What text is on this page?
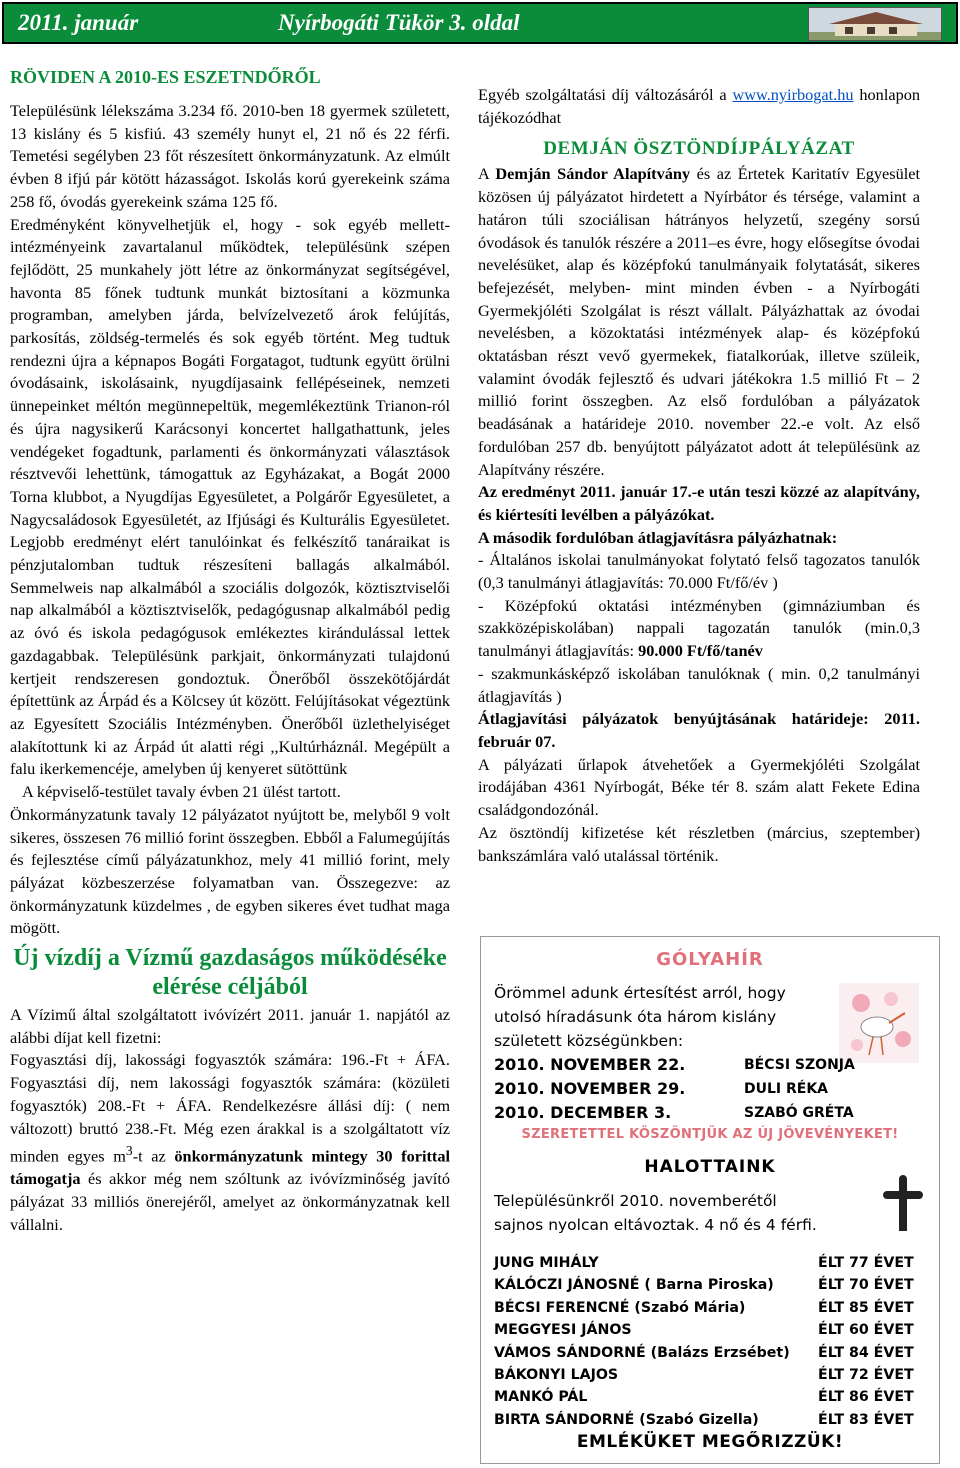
2011. január	Nyírbogáti Tükör 3. oldal
RÖVIDEN A 2010-ES ESZETNDŐRŐL

Településünk lélekszáma 3.234 fő. 2010-ben 18 gyermek született, 13 kislány és 5 kisfiú. 43 személy hunyt el, 21 nő és 22 férfi. Temetési segélyben 23 főt részesített önkormányzatunk. Az elmúlt évben 8 ifjú pár kötött házasságot. Iskolás korú gyerekeink száma 258 fő, óvodás gyerekeink száma 125 fő.

Eredményként könyvelhetjük el, hogy - sok egyéb mellett- intézményeink zavartalanul működtek, településünk szépen fejlődött, 25 munkahely jött létre az önkormányzat segítségével, havonta 85 főnek tudtunk munkát biztosítani a közmunka programban, amelyben járda, belvízelvezető árok felújítás, parkosítás, zöldség-termelés és sok egyéb történt. Meg tudtuk rendezni újra a képnapos Bogáti Forgatagot, tudtunk együtt örülni óvodásaink, iskolásaink, nyugdíjasaink fellépéseinek, nemzeti ünnepeinket méltón megünnepeltük, megemlékeztünk Trianon-ról és újra nagysikerű Karácsonyi koncertet hallgathattunk, jeles vendégeket fogadtunk, parlamenti és önkormányzati választások résztvevői lehettünk, támogattuk az Egyházakat, a Bogát 2000 Torna klubbot, a Nyugdíjas Egyesületet, a Polgárőr Egyesületet, a Nagycsaládosok Egyesületét, az Ifjúsági és Kulturális Egyesületet. Legjobb eredményt elért tanulóinkat és felkészítő tanáraikat is pénzjutalomban tudtuk részesíteni ballagás alkalmából. Semmelweis nap alkalmából a szociális dolgozók, köztisztviselői nap alkalmából a köztisztviselők, pedagógusnap alkalmából pedig az óvó és iskola pedagógusok emlékeztes kirándulással lettek gazdagabbak. Településünk parkjait, önkormányzati tulajdonú kertjeit rendszeresen gondoztuk. Önerőből összekötőjárdát építettünk az Árpád és a Kölcsey út között. Felújításokat végeztünk az Egyesített Szociális Intézményben. Önerőből üzlethelyiséget alakítottunk ki az Árpád út alatti régi ,,Kultúrháznál. Megépült a falu ikerkemencéje, amelyben új kenyeret sütöttünk

A képviselő-testület tavaly évben 21 ülést tartott.

Önkormányzatunk tavaly 12 pályázatot nyújtott be, melyből 9 volt sikeres, összesen 76 millió forint összegben. Ebből a Falumegújítás és fejlesztése című pályázatunkhoz, mely 41 millió forint, mely pályázat közbeszerzése folyamatban van. Összegezve: az önkormányzatunk küzdelmes , de egyben sikeres évet tudhat maga mögött.

Új vízdíj a Vízmű gazdaságos működéséke elérése céljából

A Vízimű által szolgáltatott ivóvízért 2011. január 1. napjától az alábbi díjat kell fizetni:

Fogyasztási díj, lakossági fogyasztók számára: 196.-Ft + ÁFA. Fogyasztási díj, nem lakossági fogyasztók számára: (közületi fogyasztók) 208.-Ft + ÁFA. Rendelkezésre állási díj: ( nem változott) bruttó 238.-Ft. Még ezen árakkal is a szolgáltatott víz minden egyes $m^3-t$ az önkormányzatunk mintegy 30 forittal támogatja és akkor még nem szóltunk az ivóvízminőség javító pályázat 33 milliós önerejéről, amelyet az önkormányzatnak kell vállalni.

Egyéb szolgáltatási díj változásáról a www.nyirbogat.hu honlapon tájékozódhat

DEMJÁN ÖSZTÖNDÍJPÁLYÁZAT

A Demján Sándor Alapítvány és az Értetek Karitatív Egyesület közösen új pályázatot hirdetett a Nyírbátor és térsége, valamint a határon túli szociálisan hátrányos helyzetű, szegény sorsú óvodások és tanulók részére a 2011–es évre, hogy elősegítse óvodai nevelésüket, alap és középfokú tanulmányaik folytatását, sikeres befejezését, melyben- mint minden évben - a Nyírbogáti Gyermekjóléti Szolgálat is részt vállalt. Pályázhattak az óvodai nevelésben, a közoktatási intézmények alap- és középfokú oktatásban részt vevő gyermekek, fiatalkorúak, illetve szüleik, valamint óvodák fejlesztő és udvari játékokra 1.5 millió Ft – 2 millió forint összegben. Az első fordulóban a pályázatok beadásának a határideje 2010. november 22.-e volt. Az első fordulóban 257 db. benyújtott pályázatot adott át településünk az Alapítvány részére.

Az eredményt 2011. január 17.-e után teszi közzé az alapítvány, és kiértesíti levélben a pályázókat.

A második fordulóban átlagjavításra pályázhatnak:

- Általános iskolai tanulmányokat folytató felső tagozatos tanulók (0,3 tanulmányi átlagjavítás: 70.000 Ft/fő/év )

- Középfokú oktatási intézményben (gimnáziumban és szakközépiskolában) nappali tagozatán tanulók (min.0,3 tanulmányi átlagjavítás: 90.000 Ft/fő/tanév

- szakmunkásképző iskolában tanulóknak ( min. 0,2 tanulmányi átlagjavítás )

Átlagjavítási pályázatok benyújtásának határideje: 2011. február 07.

A pályázati űrlapok átvehetőek a Gyermekjóléti Szolgálat irodájában 4361 Nyírbogát, Béke tér 8. szám alatt Fekete Edina családgondozónál.

Az ösztöndíj kifizetése két részletben (március, szeptember) bankszámlára való utalással történik.

GÓLYAHÍR
Örömmel adunk értesítést arról, hogy utolsó híradásunk óta három kislány született községünkben:
2010. NOVEMBER 22.	BÉCSI SZONJA
2010. NOVEMBER 29.	DULI RÉKA
2010. DECEMBER 3.	SZABÓ GRÉTA
SZERETETTEL KÖSZÖNTJÜK AZ ÚJ JÖVEVÉNYEKET!
HALOTTAINK
Településünkről 2010. novemberétől sajnos nyolcan eltávoztak. 4 nő és 4 férfi.
JUNG MIHÁLY	ÉLT 77 ÉVET
KÁLÓCZI JÁNOSNÉ ( Barna Piroska)	ÉLT 70 ÉVET
BÉCSI FERENCNÉ (Szabó Mária)	ÉLT 85 ÉVET
MEGGYESI JÁNOS	ÉLT 60 ÉVET
VÁMOS SÁNDORNÉ (Balázs Erzsébet) ÉLT 84 ÉVET
BÁKONYI LAJOS	ÉLT 72 ÉVET
MANKÓ PÁL	ÉLT 86 ÉVET
BIRTA SÁNDORNÉ (Szabó Gizella)	ÉLT 83 ÉVET
EMLÉKÜKET MEGŐRIZZÜK!
